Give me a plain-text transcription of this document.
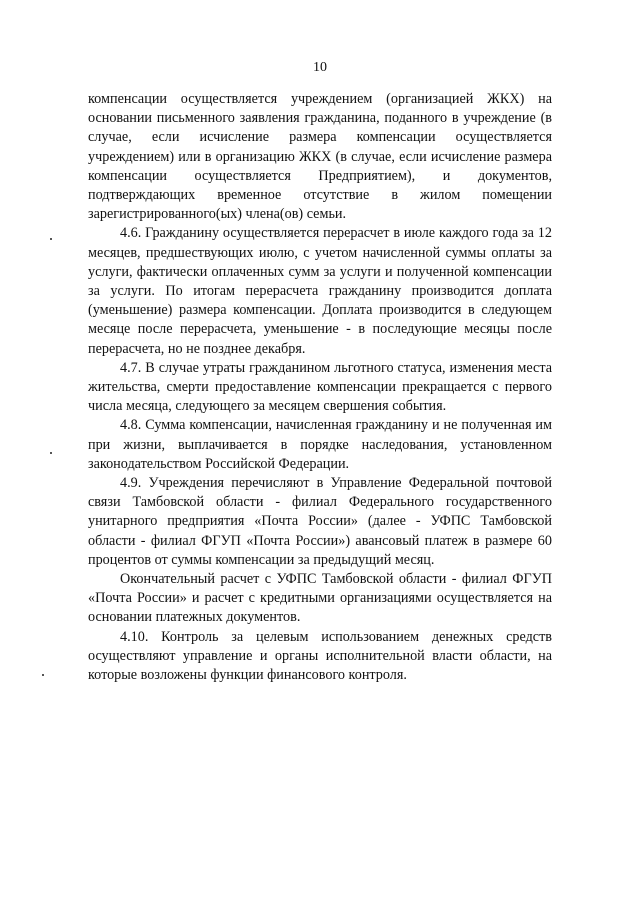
10

компенсации осуществляется учреждением (организацией ЖКХ) на основании письменного заявления гражданина, поданного в учреждение (в случае, если исчисление размера компенсации осуществляется учреждением) или в организацию ЖКХ (в случае, если исчисление размера компенсации осуществляется Предприятием), и документов, подтверждающих временное отсутствие в жилом помещении зарегистрированного(ых) члена(ов) семьи.

4.6. Гражданину осуществляется перерасчет в июле каждого года за 12 месяцев, предшествующих июлю, с учетом начисленной суммы оплаты за услуги, фактически оплаченных сумм за услуги и полученной компенсации за услуги. По итогам перерасчета гражданину производится доплата (уменьшение) размера компенсации. Доплата производится в следующем месяце после перерасчета, уменьшение - в последующие месяцы после перерасчета, но не позднее декабря.

4.7. В случае утраты гражданином льготного статуса, изменения места жительства, смерти предоставление компенсации прекращается с первого числа месяца, следующего за месяцем свершения события.

4.8. Сумма компенсации, начисленная гражданину и не полученная им при жизни, выплачивается в порядке наследования, установленном законодательством Российской Федерации.

4.9. Учреждения перечисляют в Управление Федеральной почтовой связи Тамбовской области - филиал Федерального государственного унитарного предприятия «Почта России» (далее - УФПС Тамбовской области - филиал ФГУП «Почта России») авансовый платеж в размере 60 процентов от суммы компенсации за предыдущий месяц.

Окончательный расчет с УФПС Тамбовской области - филиал ФГУП «Почта России» и расчет с кредитными организациями осуществляется на основании платежных документов.

4.10. Контроль за целевым использованием денежных средств осуществляют управление и органы исполнительной власти области, на которые возложены функции финансового контроля.
